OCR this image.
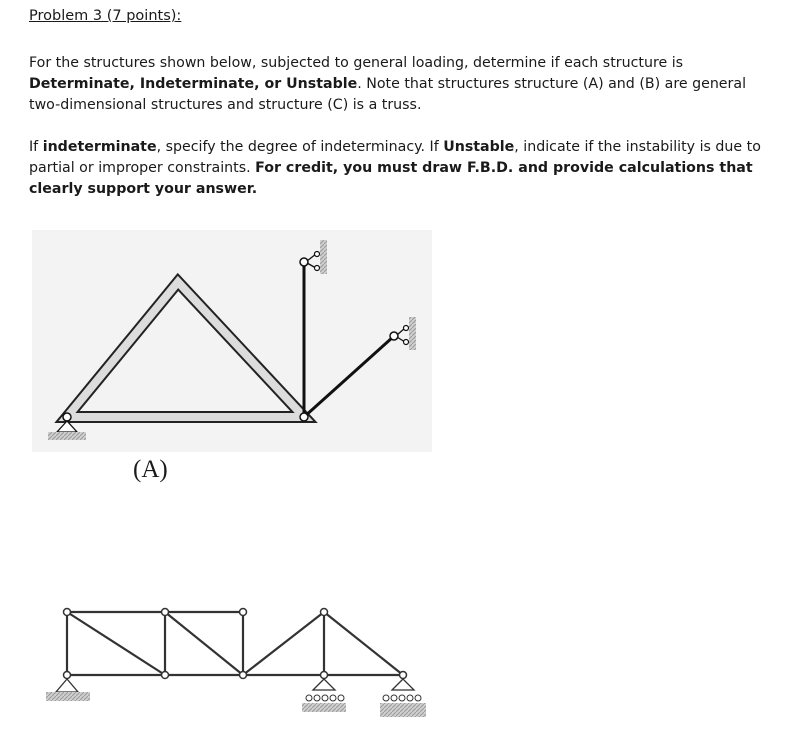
Problem 3 (7 points):

For the structures shown below, subjected to general loading, determine if each structure is Determinate, Indeterminate, or Unstable. Note that structures structure (A) and (B) are general two-dimensional structures and structure (C) is a truss.

If indeterminate, specify the degree of indeterminacy. If Unstable, indicate if the instability is due to partial or improper constraints. For credit, you must draw F.B.D. and provide calculations that clearly support your answer.

(A)
